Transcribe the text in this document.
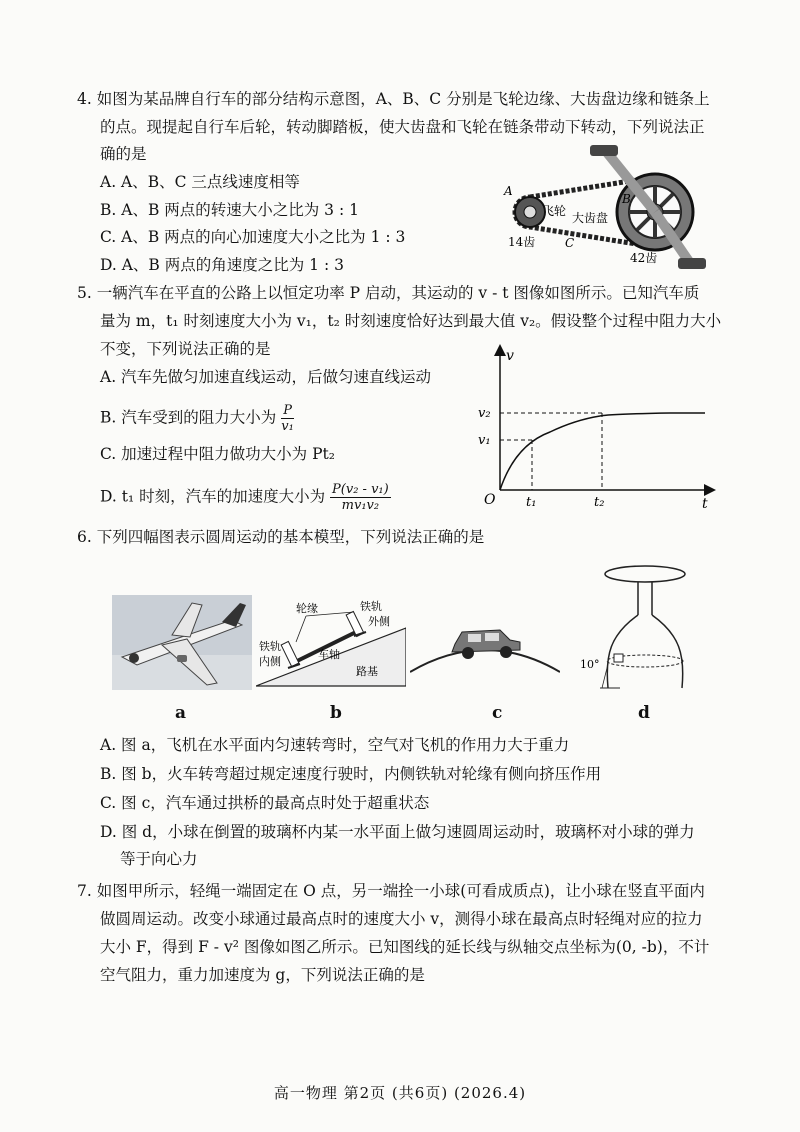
4. 如图为某品牌自行车的部分结构示意图，A、B、C 分别是飞轮边缘、大齿盘边缘和链条上
的点。现提起自行车后轮，转动脚踏板，使大齿盘和飞轮在链条带动下转动，下列说法正
确的是
A. A、B、C 三点线速度相等
B. A、B 两点的转速大小之比为 3 : 1
C. A、B 两点的向心加速度大小之比为 1 : 3
D. A、B 两点的角速度之比为 1 : 3
A
飞轮
B
大齿盘
C
14齿
42齿
5. 一辆汽车在平直的公路上以恒定功率 P 启动，其运动的 v - t 图像如图所示。已知汽车质
量为 m，t₁ 时刻速度大小为 v₁，t₂ 时刻速度恰好达到最大值 v₂。假设整个过程中阻力大小
不变，下列说法正确的是
A. 汽车先做匀加速直线运动，后做匀速直线运动
B. 汽车受到的阻力大小为 $\frac{P}{\text{v₁}}$
C. 加速过程中阻力做功大小为 Pt₂
D. t₁ 时刻，汽车的加速度大小为 $\frac{\text{P(v₂ - v₁)}}{\text{mv₁v₂}}$
v
t
O
v₁
v₂
t₁	t₂
6. 下列四幅图表示圆周运动的基本模型，下列说法正确的是
a
轮缘	铁轨
外侧
铁轨
内侧
车轴
路基
b	c
10°
d
A. 图 a，飞机在水平面内匀速转弯时，空气对飞机的作用力大于重力
B. 图 b，火车转弯超过规定速度行驶时，内侧铁轨对轮缘有侧向挤压作用
C. 图 c，汽车通过拱桥的最高点时处于超重状态
D. 图 d，小球在倒置的玻璃杯内某一水平面上做匀速圆周运动时，玻璃杯对小球的弹力
等于向心力
7. 如图甲所示，轻绳一端固定在 O 点，另一端拴一小球(可看成质点)，让小球在竖直平面内
做圆周运动。改变小球通过最高点时的速度大小 v，测得小球在最高点时轻绳对应的拉力
大小 F，得到 F - v² 图像如图乙所示。已知图线的延长线与纵轴交点坐标为(0, -b)，不计
空气阻力，重力加速度为 g，下列说法正确的是
高一物理 第2页 (共6页) (2026.4)
